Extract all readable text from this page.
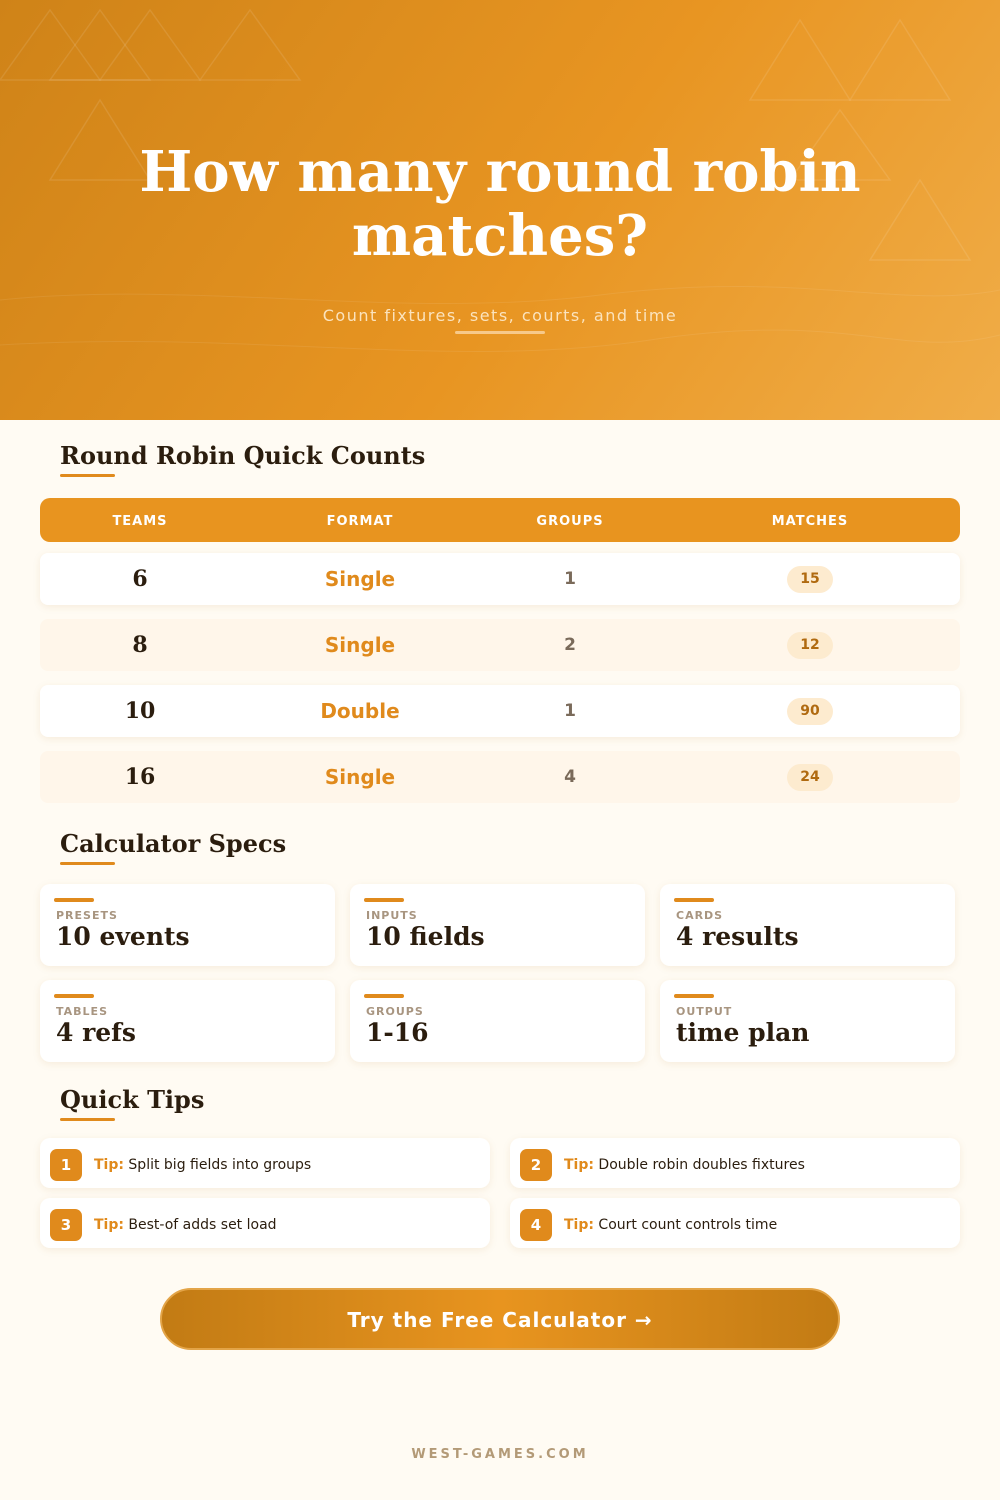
How many round robin
matches?
Count fixtures, sets, courts, and time
Round Robin Quick Counts
TEAMS	FORMAT	GROUPS	MATCHES
6	Single	1	15
8	Single	2	12
10	Double	1	90
16	Single	4	24
Calculator Specs
PRESETS
10 events
INPUTS
10 fields
CARDS
4 results
TABLES
4 refs
GROUPS
1-16
OUTPUT
time plan
Quick Tips
1	Tip: Split big fields into groups	2	Tip: Double robin doubles fixtures
3	Tip: Best-of adds set load	4	Tip: Court count controls time
Try the Free Calculator →
WEST-GAMES.COM
